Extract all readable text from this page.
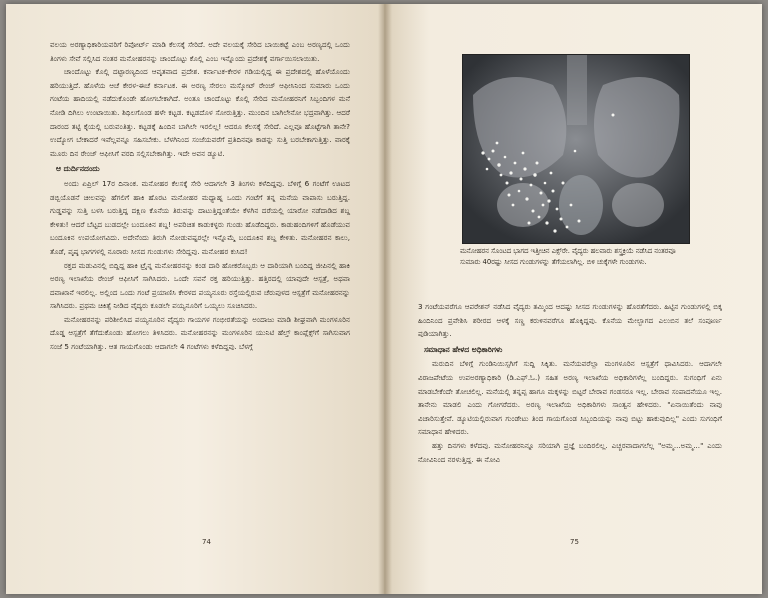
ವಲಯ ಅರಣ್ಯಾಧಿಕಾರಿಯವರಿಗೆ ರಿಪೋರ್ಟ್ ಮಾಡಿ ಕೆಲಸಕ್ಕೆ ಸೇರಿದೆ. ಅದೇ ವಲಯಕ್ಕೆ ಸೇರಿದ ಬಾಯಿಕಟ್ಟೆ ಎಂಬ ಅರಣ್ಯದಲ್ಲಿ ಒಂದು ತಿಂಗಳು ಸೇವೆ ಸಲ್ಲಿಸಿದ ನಂತರ ಮನೋಹರನನ್ನು ಚಾಂದೊಟ್ಟು ಕೊಲ್ಲಿ ಎಂಬ ಇನ್ನೊಂದು ಪ್ರದೇಶಕ್ಕೆ ವರ್ಗಾಯಿಸಲಾಯಿತು.

ಚಾಂದೊಟ್ಟು ಕೊಲ್ಲಿ ದಟ್ಟಾರಣ್ಯದಿಂದ ಆವೃತವಾದ ಪ್ರದೇಶ. ಕರ್ನಾಟಕ-ಕೇರಳ ಗಡಿಯಲ್ಲಿದ್ದ ಈ ಪ್ರದೇಶದಲ್ಲಿ ಹೊಳೆಯೊಂದು ಹರಿಯುತ್ತಿದೆ. ಹೊಳೆಯ ಆಚೆ ಕೇರಳ-ಈಚೆ ಕರ್ನಾಟಕ. ಈ ಅರಣ್ಯ ಸೇರಲು ಮಸ್ಕೋಟ್ ರೇಂಜ್ ಆಫೀಸಿನಿಂದ ಸುಮಾರು ಒಂದು ಗಂಟೆಯ ಹಾದಿಯಲ್ಲಿ ನಡೆದುಕೊಂಡೇ ಹೋಗಬೇಕಾಗಿದೆ. ಅಂತೂ ಚಾಂದೊಟ್ಟು ಕೊಲ್ಲಿ ಸೇರಿದ ಮನೋಹರನಿಗೆ ಸಿಬ್ಬಂದಿಗಳ ಮನೆ ನೋಡಿ ದಿಗಿಲು ಉಂಟಾಯಿತು. ಶಿಥಿಲಗೊಂಡ ಹಳೇ ಕಟ್ಟಡ. ಕಟ್ಟಡದೊಳ ಸೋರುತ್ತಿತ್ತು. ಮುಂದಿನ ಬಾಗಿಲೇನೋ ಭದ್ರವಾಗಿತ್ತು. ಆದರೆ ದಾರಂದ ತಟ್ಟಿ ಕೈಯಲ್ಲಿ ಬರುವಂತಿತ್ತು. ಕಟ್ಟಡಕ್ಕೆ ಹಿಂದಿನ ಬಾಗಿಲೇ ಇರಲಿಲ್ಲ! ಆದರೂ ಕೆಲಸಕ್ಕೆ ಸೇರಿದೆ. ಎಲ್ಲವೂ ಹೊಟ್ಟೆಗಾಗಿ ತಾನೇ? ಉದ್ಯೋಗ ಬೇಕಾದರೆ ಇವೆಲ್ಲವನ್ನೂ ಸಹಿಸಬೇಕು. ಬೆಳಗಿನಿಂದ ಸಂಜೆಯವರೆಗೆ ಪ್ರತಿದಿನವೂ ಕಾಡನ್ನು ಸುತ್ತಿ ಬರಬೇಕಾಗುತ್ತಿತ್ತು. ವಾರಕ್ಕೆ ಮೂರು ದಿನ ರೇಂಜ್ ಆಫೀಸಿಗೆ ವರದಿ ಸಲ್ಲಿಸಬೇಕಾಗಿತ್ತು. ಇದೇ ಅವನ ಡ್ಯೂಟಿ.

ಆ ದುರ್ದಿನದಂದು

ಅಂದು ಏಪ್ರಿಲ್ 17ರ ದಿನಾಂಕ. ಮನೋಹರ ಕೆಲಸಕ್ಕೆ ಸೇರಿ ಆದಾಗಲೇ 3 ತಿಂಗಳು ಕಳೆದಿದ್ದವು. ಬೆಳಿಗ್ಗೆ 6 ಗಂಟೆಗೆ ಊಟದ ಡಬ್ಬಿಯೊಡನೆ ಚೀಲವನ್ನು ಹೆಗಲಿಗೆ ಹಾಕಿ ಹೊರಟ ಮನೋಹರ ಮಧ್ಯಾಹ್ನ ಒಂದು ಗಂಟೆಗೆ ತನ್ನ ಮನೆಯ ವಾಪಾಸು ಬರುತ್ತಿದ್ದ. ಗುಡ್ಡವನ್ನು ಸುತ್ತಿ ಬಳಸಿ ಬರುತ್ತಿದ್ದ ದಕ್ಷಿಣ ಕೊನೆಯ ತಿರುವನ್ನು ದಾಟುತ್ತಿದ್ದಂತೆಯೇ ಕೆಳಗಿನ ದರೆಯಲ್ಲಿ ಯಾರೋ ನಡೆದಾಡಿದ ಶಬ್ದ ಕೇಳಿತು! ಆದರೆ ಬೆಟ್ಟದ ಬುಡದಲ್ಲೇ ಬಂದೂಕಿನ ಶಬ್ದ! ಅಪರಿಚಿತ ಕಾಡುಕಳ್ಳರು ಗುಂಡು ಹೊಡೆದಿದ್ದರು. ಕಾಡುಹಂದಿಗಳಿಗೆ ಹೊಡೆಯುವ ಬಂದೂಕಿನ ಉಪಯೋಗವಿದು. ಅದೇನೆಂದು ತಿರುಗಿ ನೋಡುವಷ್ಟರಲ್ಲೇ ಇನ್ನೊಮ್ಮೆ ಬಂದೂಕಿನ ಶಬ್ದ ಕೇಳಿತು. ಮನೋಹರನ ಕಾಲು, ತೊಡೆ, ಪೃಷ್ಠ ಭಾಗಗಳಲ್ಲಿ ನೂರಾರು ಸೀಸದ ಗುಂಡುಗಳು ಸೇರಿದ್ದವು. ಮನೋಹರ ಕುಸಿದ!

ರಕ್ತದ ಮಡುವಿನಲ್ಲಿ ಬಿದ್ದಿದ್ದ ಹಾಕಿ ಟ್ರೈನ್ನ ಮನೋಹರನನ್ನು ಕಂಡ ದಾರಿ ಹೋಕರೊಬ್ಬರು ಆ ದಾರಿಯಾಗಿ ಬಂದಿದ್ದ ಜೀಪಿನಲ್ಲಿ ಹಾಕಿ ಅರಣ್ಯ ಇಲಾಖೆಯ ರೇಂಜ್ ಆಫೀಸಿಗೆ ಸಾಗಿಸಿದರು. ಒಂದೇ ಸವನೆ ರಕ್ತ ಹರಿಯುತ್ತಿತ್ತು. ಹತ್ತಿರದಲ್ಲಿ ಯಾವುದೇ ಆಸ್ಪತ್ರೆ, ಅಥವಾ ದವಾಖಾನೆ ಇರಲಿಲ್ಲ. ಅಲ್ಲಿಂದ ಒಂದು ಗಂಟೆ ಪ್ರಯಾಣಿಸಿ ಕೇರಳದ ಪಯ್ಯನೂರು ರಸ್ತೆಯಲ್ಲಿರುವ ಚೆರುಪುಳದ ಆಸ್ಪತ್ರೆಗೆ ಮನೋಹರನನ್ನು ಸಾಗಿಸಿದರು. ಪ್ರಥಮ ಚಿಕಿತ್ಸೆ ನೀಡಿದ ವೈದ್ಯರು ಕೂಡಲೇ ಪಯ್ಯನೂರಿಗೆ ಒಯ್ಯಲು ಸೂಚಿಸಿದರು.

ಮನೋಹರನನ್ನು ಪರಿಶೀಲಿಸಿದ ಪಯ್ಯನೂರಿನ ವೈದ್ಯರು ಗಾಯಗಳ ಗಂಭೀರತೆಯನ್ನು ಅಂದಾಜು ಮಾಡಿ ಶೀಘ್ರವಾಗಿ ಮಂಗಳೂರಿನ ದೊಡ್ಡ ಆಸ್ಪತ್ರೆಗೆ ತೆಗೆದುಕೊಂಡು ಹೋಗಲು ತಿಳಿಸಿದರು. ಮನೋಹರನನ್ನು ಮಂಗಳೂರಿನ ಯುನಿಟಿ ಹೆಲ್ತ್ ಕಾಂಪ್ಲೆಕ್ಸ್‌ಗೆ ಸಾಗಿಸುವಾಗ ಸಂಜೆ 5 ಗಂಟೆಯಾಗಿತ್ತು. ಆತ ಗಾಯಗೊಂಡು ಆದಾಗಲೇ 4 ಗಂಟೆಗಳು ಕಳೆದಿದ್ದವು. ಬೆಳಗ್ಗೆ

74
ಮನೋಹರನ ಸೊಂಟದ ಭಾಗದ ಇತ್ತೀಚಿನ ಎಕ್ಸ್‌ರೇ. ವೈದ್ಯರು ಹಲವಾರು ಶಸ್ತ್ರಕ್ರಿಯೆ ನಡೆಸಿದ ನಂತರವೂ ಸುಮಾರು 40ರಷ್ಟು ಸೀಸದ ಗುಂಡುಗಳನ್ನು ತೆಗೆಯಲಾಗಿಲ್ಲ. ಬಿಳಿ ಚುಕ್ಕೆಗಳೇ ಗುಂಡುಗಳು.

3 ಗಂಟೆಯವರೆಗೂ ಆಪರೇಶನ್ ನಡೆಸಿದ ವೈದ್ಯರು ತಮ್ಮಿಂದ ಆದಷ್ಟು ಸೀಸದ ಗುಂಡುಗಳನ್ನು ಹೊರತೆಗೆದರು. ಹಿಟ್ಟಿನ ಗುಂಡುಗಳಲ್ಲಿ ಬಿಕ್ಕ ಹಿಂದಿನಿಂದ ಪ್ರವೇಶಿಸಿ ಶರೀರದ ಆಳಕ್ಕೆ ಸಣ್ಣ ಕರುಳಿನವರೆಗೂ ಹೊಕ್ಕಿದ್ದವು. ಕೊನೆಯ ಮೇಲ್ಭಾಗದ ಎಲುಬಿನ ತಲೆ ಸಂಪೂರ್ಣ ಪುಡಿಯಾಗಿತ್ತು.

ಸಮಾಧಾನ ಹೇಳದ ಅಧಿಕಾರಿಗಳು

ಮರುದಿನ ಬೆಳಿಗ್ಗೆ ಗುಂಡಿನಿಯಿಸ್ಸಗಿಗೆ ಸುದ್ದಿ ಸಿಕ್ಕಿತು. ಮನೆಯವರೆಲ್ಲಾ ಮಂಗಳೂರಿನ ಆಸ್ಪತ್ರೆಗೆ ಧಾವಿಸಿದರು. ಆದಾಗಲೇ ವಿರಾಜಪೇಟೆಯ ಉಪಅರಣ್ಯಾಧಿಕಾರಿ (ಡಿ.ಎಫ್.ಓ.) ಸಹಿತ ಅರಣ್ಯ ಇಲಾಖೆಯ ಅಧಿಕಾರಿಗಳೆಲ್ಲ ಬಂದಿದ್ದರು. ಸುಗಂಧಿಗೆ ಏನು ಮಾಡಬೇಕೆಂದೇ ತೋಚಲಿಲ್ಲ. ಮನೆಯಲ್ಲಿ ತನ್ನಪ್ಪ ಹಾಗೂ ಮಕ್ಕಳನ್ನು ಬಿಟ್ಟರೆ ಬೇರಾವ ಗಂಡಸರೂ ಇಲ್ಲ. ಬೇರಾವ ಸಂಪಾದನೆಯೂ ಇಲ್ಲ. ತಾನೇನು ಮಾಡಲಿ ಎಂದು ಗೋಗರೆದರು. ಅರಣ್ಯ ಇಲಾಖೆಯ ಅಧಿಕಾರಿಗಳು ಸಾಂತ್ವನ ಹೇಳಿದರು. "ಏನಾಯಿತೆಂದು ನಾವು ವಿಚಾರಿಸುತ್ತೇವೆ. ಡ್ಯೂಟಿಯಲ್ಲಿರುವಾಗ ಗುಂಡೇಟು ತಿಂದ ಗಾಯಗೊಂಡ ಸಿಬ್ಬಂದಿಯನ್ನು ನಾವು ಬಿಟ್ಟು ಹಾಕುವುದಿಲ್ಲ" ಎಂದು ಸುಗಂಧಿಗೆ ಸಮಾಧಾನ ಹೇಳಿದರು.

ಹತ್ತು ದಿನಗಳು ಕಳೆದವು. ಮನೋಹರನಿನ್ನೂ ಸರಿಯಾಗಿ ಪ್ರಜ್ಞೆ ಬಂದಿರಲಿಲ್ಲ. ಎಚ್ಚರವಾದಾಗಲೆಲ್ಲ "ಅಮ್ಮ...ಅಮ್ಮ..." ಎಂದು ನೋವಿನಿಂದ ನರಳುತ್ತಿದ್ದ. ಈ ನೋವಿ

75
